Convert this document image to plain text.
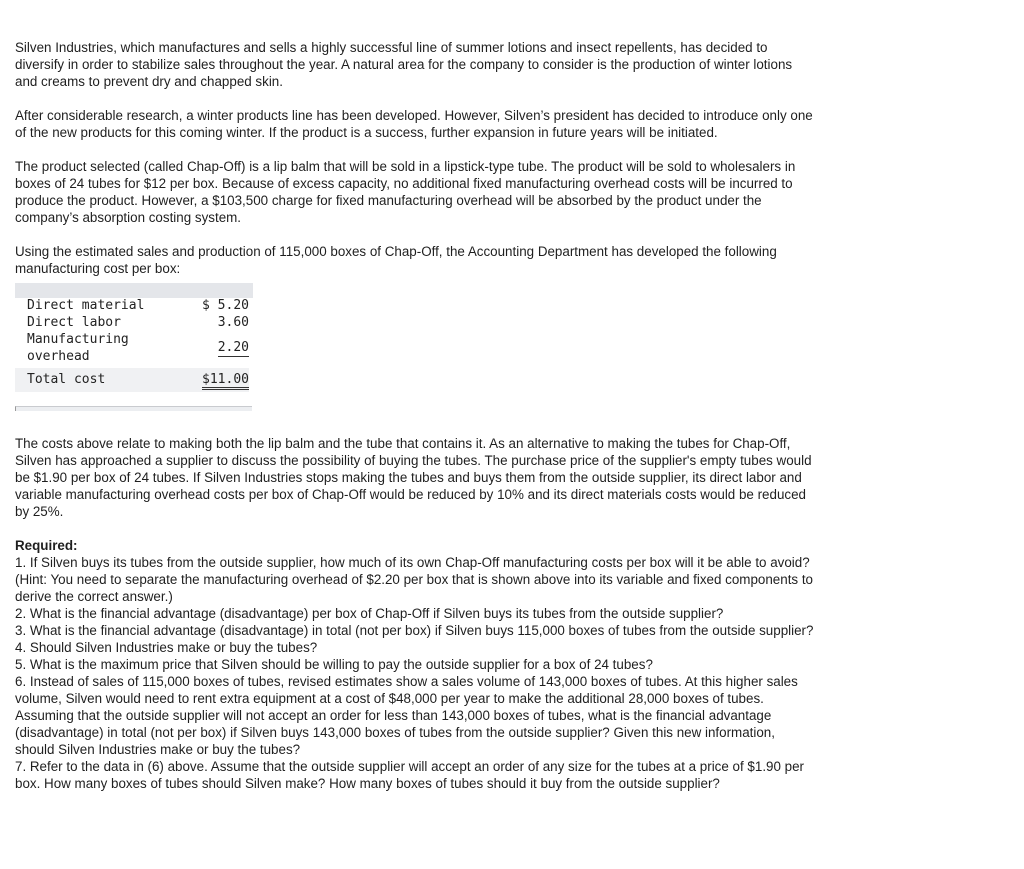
Silven Industries, which manufactures and sells a highly successful line of summer lotions and insect repellents, has decided to diversify in order to stabilize sales throughout the year. A natural area for the company to consider is the production of winter lotions and creams to prevent dry and chapped skin.

After considerable research, a winter products line has been developed. However, Silven’s president has decided to introduce only one of the new products for this coming winter. If the product is a success, further expansion in future years will be initiated.

The product selected (called Chap-Off) is a lip balm that will be sold in a lipstick-type tube. The product will be sold to wholesalers in boxes of 24 tubes for $12 per box. Because of excess capacity, no additional fixed manufacturing overhead costs will be incurred to produce the product. However, a $103,500 charge for fixed manufacturing overhead will be absorbed by the product under the company’s absorption costing system.

Using the estimated sales and production of 115,000 boxes of Chap-Off, the Accounting Department has developed the following manufacturing cost per box:

Direct material	$ 5.20
Direct labor	3.60
Manufacturing overhead	2.20
Total cost	$11.00

The costs above relate to making both the lip balm and the tube that contains it. As an alternative to making the tubes for Chap-Off, Silven has approached a supplier to discuss the possibility of buying the tubes. The purchase price of the supplier's empty tubes would be $1.90 per box of 24 tubes. If Silven Industries stops making the tubes and buys them from the outside supplier, its direct labor and variable manufacturing overhead costs per box of Chap-Off would be reduced by 10% and its direct materials costs would be reduced by 25%.

Required:

1. If Silven buys its tubes from the outside supplier, how much of its own Chap-Off manufacturing costs per box will it be able to avoid? (Hint: You need to separate the manufacturing overhead of $2.20 per box that is shown above into its variable and fixed components to derive the correct answer.)

2. What is the financial advantage (disadvantage) per box of Chap-Off if Silven buys its tubes from the outside supplier?

3. What is the financial advantage (disadvantage) in total (not per box) if Silven buys 115,000 boxes of tubes from the outside supplier?

4. Should Silven Industries make or buy the tubes?

5. What is the maximum price that Silven should be willing to pay the outside supplier for a box of 24 tubes?

6. Instead of sales of 115,000 boxes of tubes, revised estimates show a sales volume of 143,000 boxes of tubes. At this higher sales volume, Silven would need to rent extra equipment at a cost of $48,000 per year to make the additional 28,000 boxes of tubes. Assuming that the outside supplier will not accept an order for less than 143,000 boxes of tubes, what is the financial advantage (disadvantage) in total (not per box) if Silven buys 143,000 boxes of tubes from the outside supplier? Given this new information, should Silven Industries make or buy the tubes?

7. Refer to the data in (6) above. Assume that the outside supplier will accept an order of any size for the tubes at a price of $1.90 per box. How many boxes of tubes should Silven make? How many boxes of tubes should it buy from the outside supplier?
